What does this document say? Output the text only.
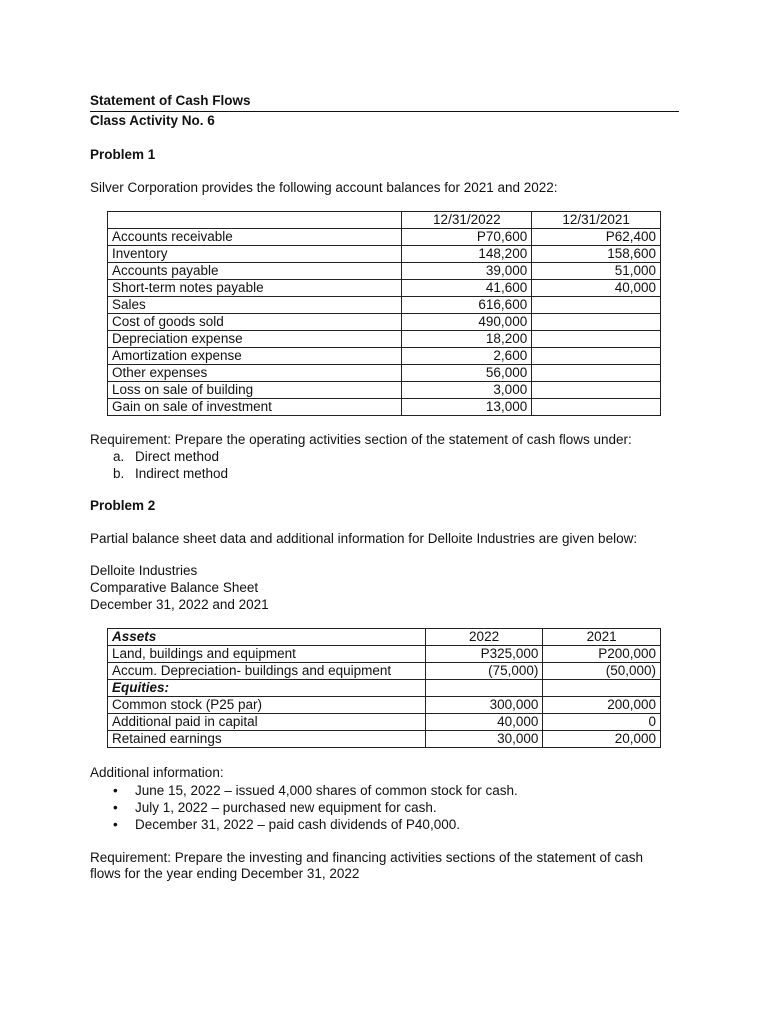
Statement of Cash Flows
Class Activity No. 6
Problem 1
Silver Corporation provides the following account balances for 2021 and 2022:
	12/31/2022	12/31/2021
Accounts receivable	P70,600	P62,400
Inventory	148,200	158,600
Accounts payable	39,000	51,000
Short-term notes payable	41,600	40,000
Sales	616,600	
Cost of goods sold	490,000	
Depreciation expense	18,200	
Amortization expense	2,600	
Other expenses	56,000	
Loss on sale of building	3,000	
Gain on sale of investment	13,000	
Requirement: Prepare the operating activities section of the statement of cash flows under:
a. Direct method
b. Indirect method
Problem 2
Partial balance sheet data and additional information for Delloite Industries are given below:
Delloite Industries
Comparative Balance Sheet
December 31, 2022 and 2021
Assets	2022	2021
Land, buildings and equipment	P325,000	P200,000
Accum. Depreciation- buildings and equipment	(75,000)	(50,000)
Equities:		
Common stock (P25 par)	300,000	200,000
Additional paid in capital	40,000	0
Retained earnings	30,000	20,000
Additional information:
• June 15, 2022 – issued 4,000 shares of common stock for cash.
• July 1, 2022 – purchased new equipment for cash.
• December 31, 2022 – paid cash dividends of P40,000.
Requirement: Prepare the investing and financing activities sections of the statement of cash
flows for the year ending December 31, 2022
